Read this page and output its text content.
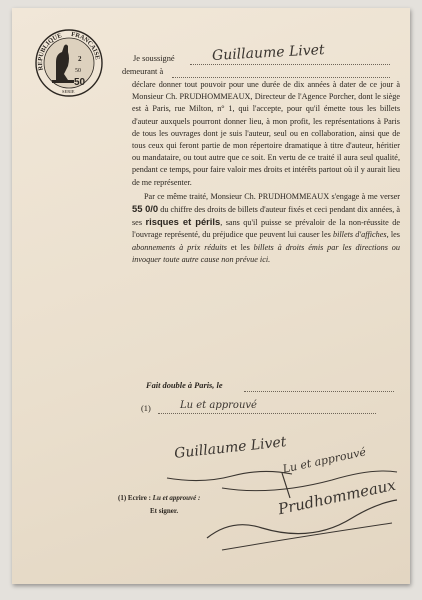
REPUBLIQUE FRANCAISE
2
50
50
SERIE
Je soussigné	Guillaume Livet
demeurant à

déclare donner tout pouvoir pour une durée de dix années à dater de ce jour à Monsieur Ch. PRUDHOMMEAUX, Directeur de l'Agence Porcher, dont le siège est à Paris, rue Milton, n° 1, qui l'accepte, pour qu'il émette tous les billets d'auteur auxquels pourront donner lieu, à mon profit, les représentations à Paris de tous les ouvrages dont je suis l'auteur, seul ou en collaboration, ainsi que de tous ceux qui feront partie de mon répertoire dramatique à titre d'auteur, héritier ou mandataire, ou tout autre que ce soit. En vertu de ce traité il aura seul qualité, pendant ce temps, pour faire valoir mes droits et intérêts partout où il y aurait lieu de me représenter.

Par ce même traité, Monsieur Ch. PRUDHOMMEAUX s'engage à me verser 55 0/0 du chiffre des droits de billets d'auteur fixés et ceci pendant dix années, à ses risques et périls, sans qu'il puisse se prévaloir de la non-réussite de l'ouvrage représenté, du préjudice que peuvent lui causer les billets d'affiches, les abonnements à prix réduits et les billets à droits émis par les directions ou invoquer toute autre cause non prévue ici.

Fait double à Paris, le
(1)	Lu et approuvé
Guillaume Livet
Lu et approuvé
Prudhommeaux
(1) Ecrire : Lu et approuvé :
Et signer.
